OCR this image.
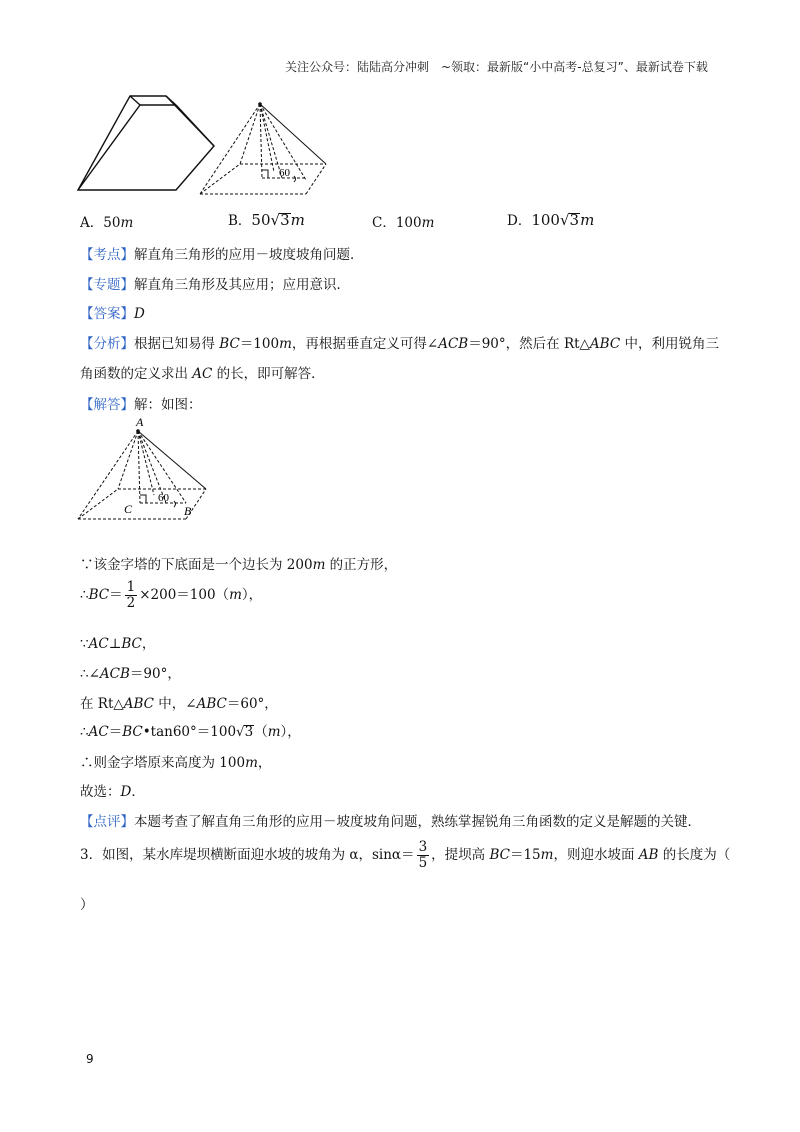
关注公众号：陆陆高分冲刺　~领取：最新版“小中高考-总复习”、最新试卷下载
60
A．50m	B．50√3m	C．100m	D．100√3m
【考点】解直角三角形的应用－坡度坡角问题．
【专题】解直角三角形及其应用；应用意识．
【答案】D
【分析】根据已知易得 BC＝100m，再根据垂直定义可得∠ACB＝90°，然后在 Rt△ABC 中，利用锐角三
角函数的定义求出 AC 的长，即可解答．
【解答】解：如图：
A
60
C	B
∵该金字塔的下底面是一个边长为 200m 的正方形，
∴BC＝ $\frac{1}{2} \times 200=100(m)$，
∵AC⊥BC，
∴∠ACB＝90°，
在 Rt△ABC 中，∠ABC＝60°，
∴AC＝BC•tan60°＝100√3（m），
∴则金字塔原来高度为 100m，
故选：D．
【点评】本题考查了解直角三角形的应用－坡度坡角问题，熟练掌握锐角三角函数的定义是解题的关键．
3．如图，某水库堤坝横断面迎水坡的坡角为 α，$\sin\alpha= \frac{3}{5}$ ，提坝高 BC＝15m，则迎水坡面 AB 的长度为（
）
9
